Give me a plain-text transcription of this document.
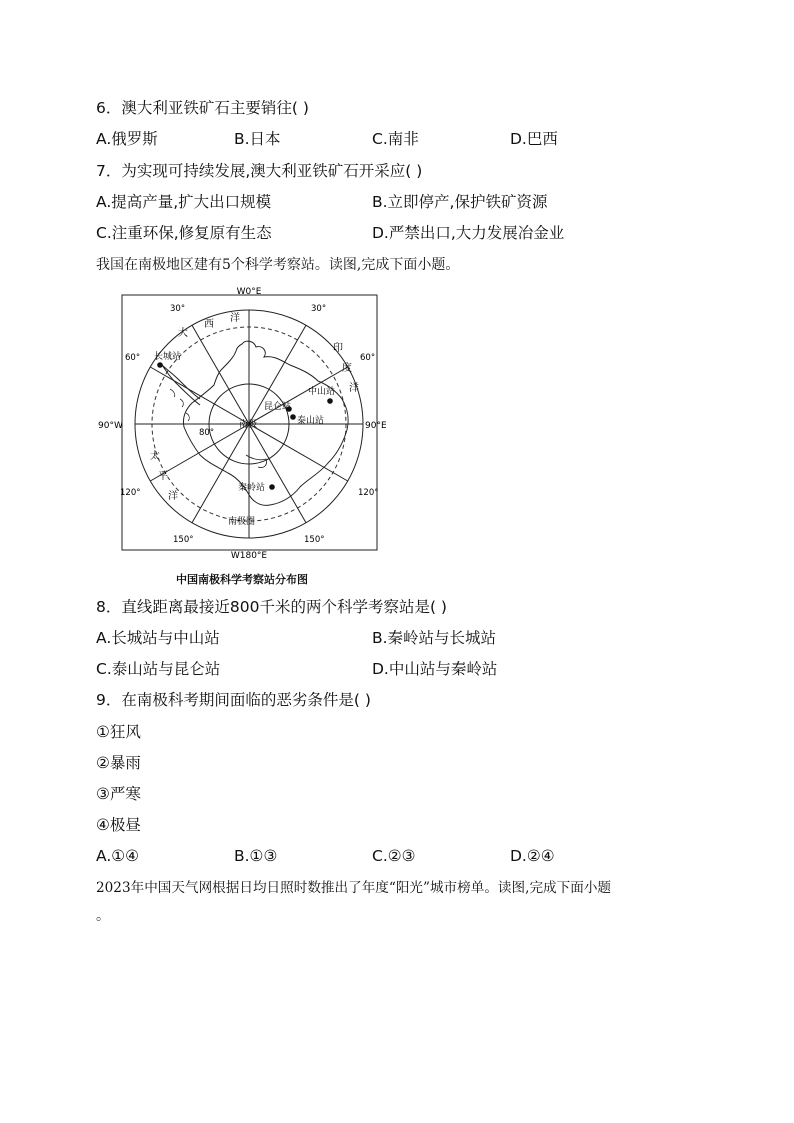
6．澳大利亚铁矿石主要销往( )
A.俄罗斯	B.日本	C.南非	D.巴西
7．为实现可持续发展,澳大利亚铁矿石开采应( )
A.提高产量,扩大出口规模	B.立即停产,保护铁矿资源
C.注重环保,修复原有生态	D.严禁出口,大力发展冶金业
我国在南极地区建有5个科学考察站。读图,完成下面小题。
W0°E
W180°E
90°W	90°E
30°	30°
60°	60°
120°	120°
150°	150°
80°
南极
南极圈
大
西
洋
印
度
洋
太
平
洋
长城站
中山站
昆仑站
泰山站
秦岭站
中国南极科学考察站分布图
8．直线距离最接近800千米的两个科学考察站是( )
A.长城站与中山站	B.秦岭站与长城站
C.泰山站与昆仑站	D.中山站与秦岭站
9．在南极科考期间面临的恶劣条件是( )
①狂风
②暴雨
③严寒
④极昼
A.①④	B.①③	C.②③	D.②④
2023年中国天气网根据日均日照时数推出了年度“阳光”城市榜单。读图,完成下面小题
。
